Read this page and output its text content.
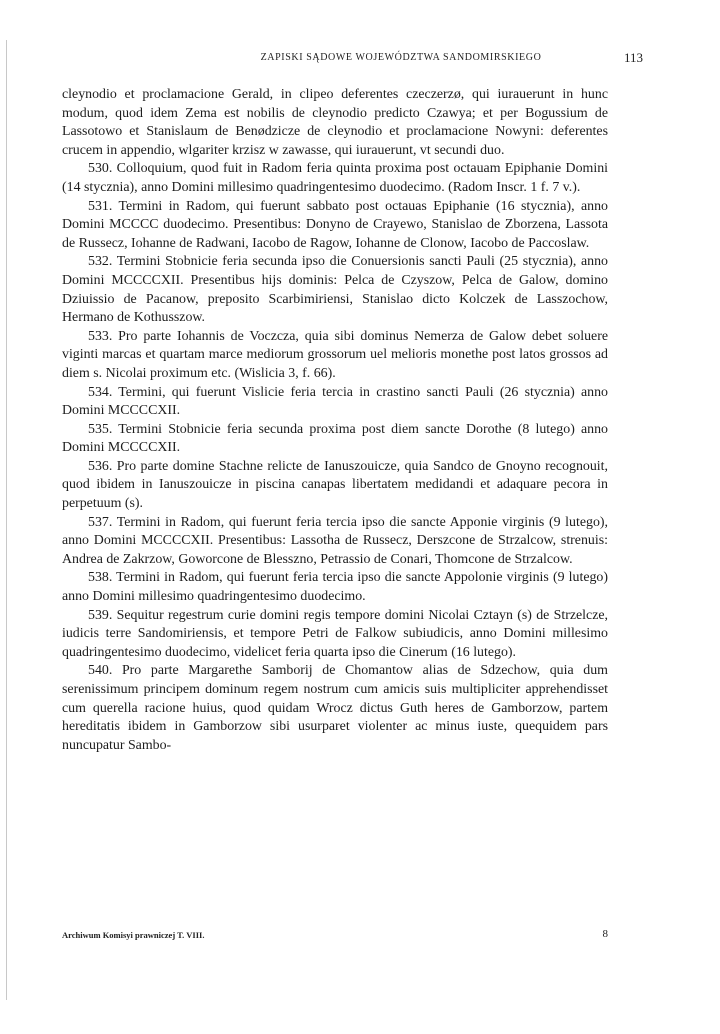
ZAPISKI SĄDOWE WOJEWÓDZTWA SANDOMIRSKIEGO	113

cleynodio et proclamacione Gerald, in clipeo deferentes czeczerzø, qui iurauerunt in hunc modum, quod idem Zema est nobilis de cleynodio predicto Czawya; et per Bogussium de Lassotowo et Stanislaum de Benødzicze de cleynodio et proclamacione Nowyni: deferentes crucem in appendio, wlgariter krzisz w zawasse, qui iurauerunt, vt secundi duo.

530. Colloquium, quod fuit in Radom feria quinta proxima post octauam Epiphanie Domini (14 stycznia), anno Domini millesimo quadringentesimo duodecimo. (Radom Inscr. 1 f. 7 v.).

531. Termini in Radom, qui fuerunt sabbato post octauas Epiphanie (16 stycznia), anno Domini MCCCC duodecimo. Presentibus: Donyno de Crayewo, Stanislao de Zborzena, Lassota de Russecz, Iohanne de Radwani, Iacobo de Ragow, Iohanne de Clonow, Iacobo de Paccoslaw.

532. Termini Stobnicie feria secunda ipso die Conuersionis sancti Pauli (25 stycznia), anno Domini MCCCCXII. Presentibus hijs dominis: Pelca de Czyszow, Pelca de Galow, domino Dziuissio de Pacanow, preposito Scarbimiriensi, Stanislao dicto Kolczek de Lasszochow, Hermano de Kothusszow.

533. Pro parte Iohannis de Voczcza, quia sibi dominus Nemerza de Galow debet soluere viginti marcas et quartam marce mediorum grossorum uel melioris monethe post latos grossos ad diem s. Nicolai proximum etc. (Wislicia 3, f. 66).

534. Termini, qui fuerunt Vislicie feria tercia in crastino sancti Pauli (26 stycznia) anno Domini MCCCCXII.

535. Termini Stobnicie feria secunda proxima post diem sancte Dorothe (8 lutego) anno Domini MCCCCXII.

536. Pro parte domine Stachne relicte de Ianuszouicze, quia Sandco de Gnoyno recognouit, quod ibidem in Ianuszouicze in piscina canapas libertatem medidandi et adaquare pecora in perpetuum (s).

537. Termini in Radom, qui fuerunt feria tercia ipso die sancte Apponie virginis (9 lutego), anno Domini MCCCCXII. Presentibus: Lassotha de Russecz, Derszcone de Strzalcow, strenuis: Andrea de Zakrzow, Goworcone de Blesszno, Petrassio de Conari, Thomcone de Strzalcow.

538. Termini in Radom, qui fuerunt feria tercia ipso die sancte Appolonie virginis (9 lutego) anno Domini millesimo quadringentesimo duodecimo.

539. Sequitur regestrum curie domini regis tempore domini Nicolai Cztayn (s) de Strzelcze, iudicis terre Sandomiriensis, et tempore Petri de Falkow subiudicis, anno Domini millesimo quadringentesimo duodecimo, videlicet feria quarta ipso die Cinerum (16 lutego).

540. Pro parte Margarethe Samborij de Chomantow alias de Sdzechow, quia dum serenissimum principem dominum regem nostrum cum amicis suis multipliciter apprehendisset cum querella racione huius, quod quidam Wrocz dictus Guth heres de Gamborzow, partem hereditatis ibidem in Gamborzow sibi usurparet violenter ac minus iuste, quequidem pars nuncupatur Sambo-

Archiwum Komisyi prawniczej T. VIII.	8
